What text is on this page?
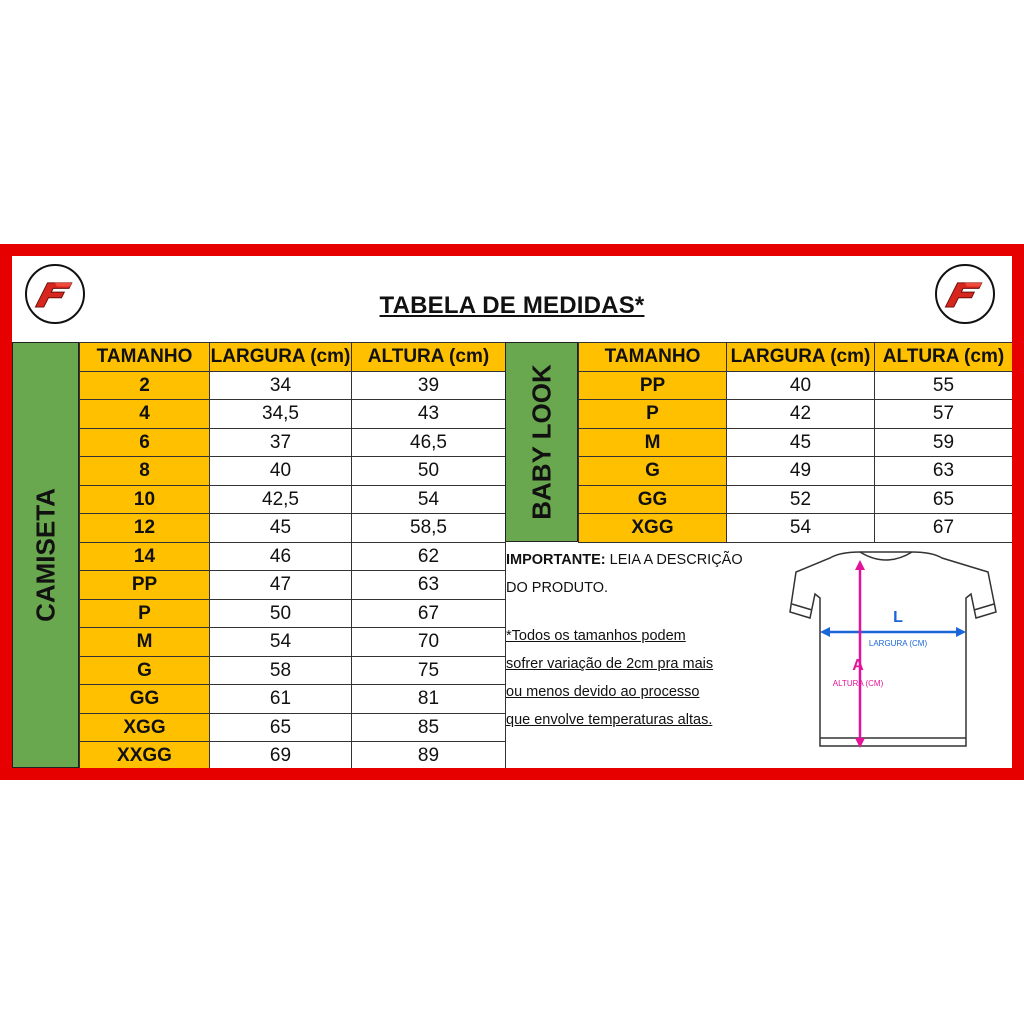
TABELA DE MEDIDAS*
CAMISETA
TAMANHO	LARGURA (cm)	ALTURA (cm)
2	34	39
4	34,5	43
6	37	46,5
8	40	50
10	42,5	54
12	45	58,5
14	46	62
PP	47	63
P	50	67
M	54	70
G	58	75
GG	61	81
XGG	65	85
XXGG	69	89
BABY LOOK
TAMANHO	LARGURA (cm)	ALTURA (cm)
PP	40	55
P	42	57
M	45	59
G	49	63
GG	52	65
XGG	54	67
IMPORTANTE: LEIA A DESCRIÇÃO
DO PRODUTO.
*Todos os tamanhos podem
sofrer variação de 2cm pra mais
ou menos devido ao processo
que envolve temperaturas altas.
L
LARGURA (CM)
A
ALTURA (CM)
